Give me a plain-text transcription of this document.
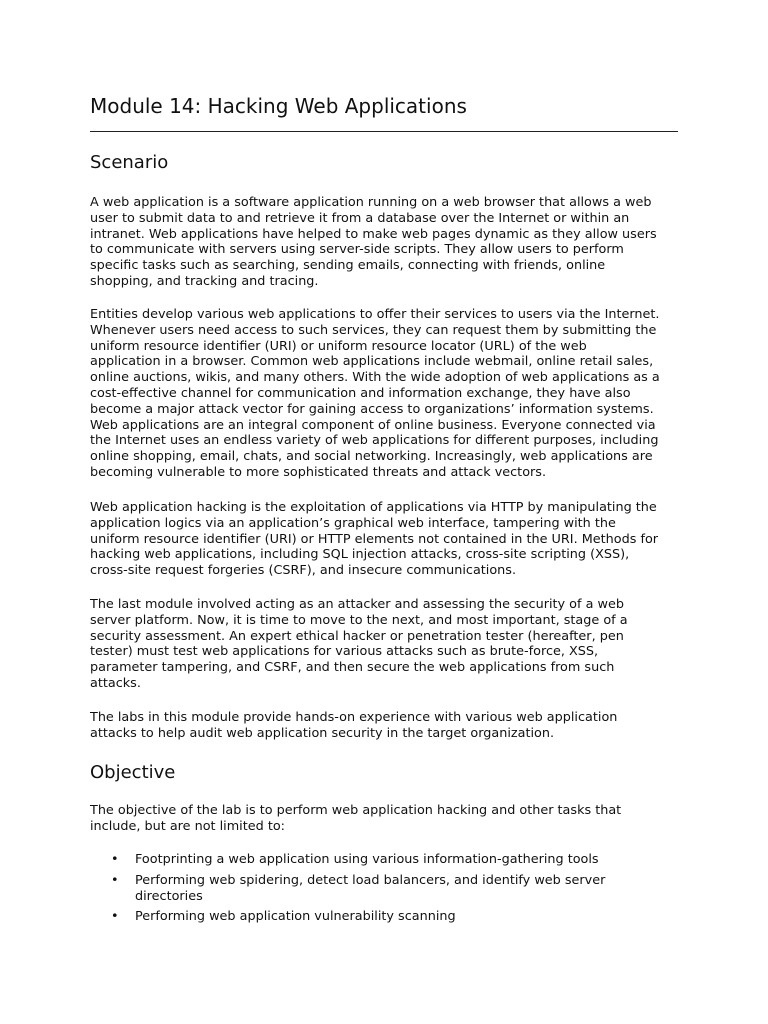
Module 14: Hacking Web Applications
Scenario
A web application is a software application running on a web browser that allows a web
user to submit data to and retrieve it from a database over the Internet or within an
intranet. Web applications have helped to make web pages dynamic as they allow users
to communicate with servers using server-side scripts. They allow users to perform
specific tasks such as searching, sending emails, connecting with friends, online
shopping, and tracking and tracing.
Entities develop various web applications to offer their services to users via the Internet.
Whenever users need access to such services, they can request them by submitting the
uniform resource identifier (URI) or uniform resource locator (URL) of the web
application in a browser. Common web applications include webmail, online retail sales,
online auctions, wikis, and many others. With the wide adoption of web applications as a
cost-effective channel for communication and information exchange, they have also
become a major attack vector for gaining access to organizations’ information systems.
Web applications are an integral component of online business. Everyone connected via
the Internet uses an endless variety of web applications for different purposes, including
online shopping, email, chats, and social networking. Increasingly, web applications are
becoming vulnerable to more sophisticated threats and attack vectors.
Web application hacking is the exploitation of applications via HTTP by manipulating the
application logics via an application’s graphical web interface, tampering with the
uniform resource identifier (URI) or HTTP elements not contained in the URI. Methods for
hacking web applications, including SQL injection attacks, cross-site scripting (XSS),
cross-site request forgeries (CSRF), and insecure communications.
The last module involved acting as an attacker and assessing the security of a web
server platform. Now, it is time to move to the next, and most important, stage of a
security assessment. An expert ethical hacker or penetration tester (hereafter, pen
tester) must test web applications for various attacks such as brute-force, XSS,
parameter tampering, and CSRF, and then secure the web applications from such
attacks.
The labs in this module provide hands-on experience with various web application
attacks to help audit web application security in the target organization.
Objective
The objective of the lab is to perform web application hacking and other tasks that
include, but are not limited to:
• Footprinting a web application using various information-gathering tools
• Performing web spidering, detect load balancers, and identify web server
directories
• Performing web application vulnerability scanning
